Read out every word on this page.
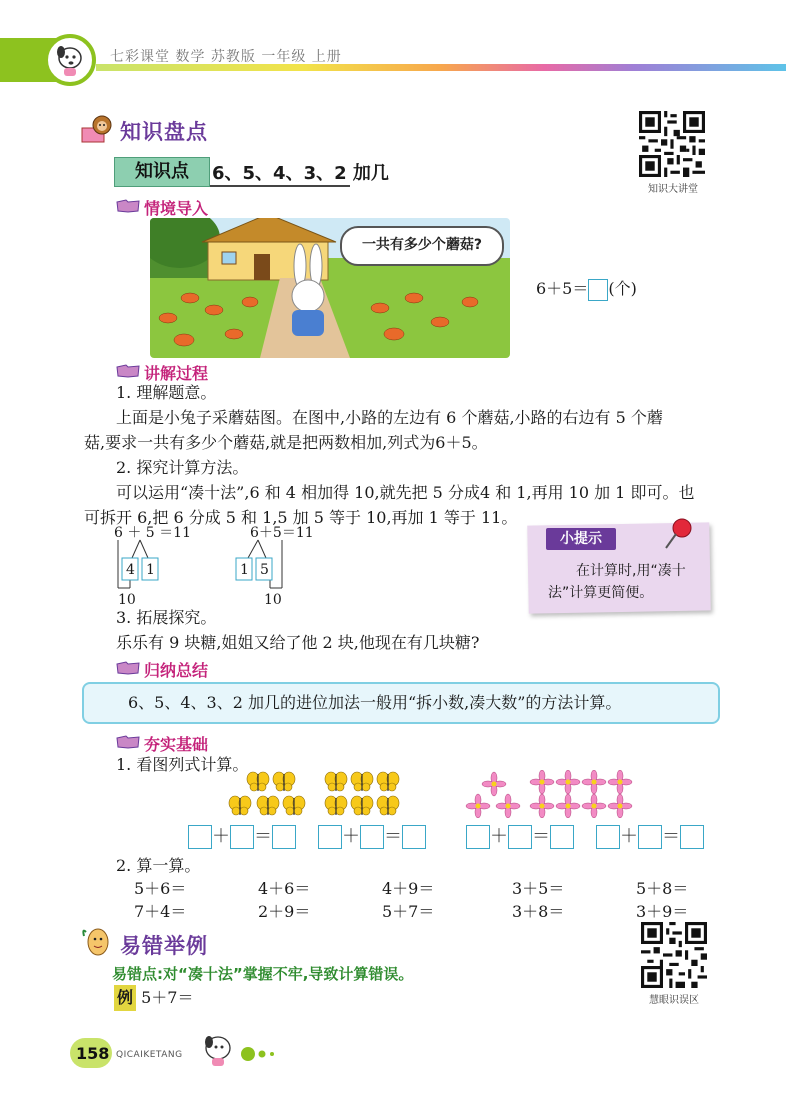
七彩课堂 数学 苏教版 一年级 上册
知识盘点
知识大讲堂
知识点	6、5、4、3、2 加几
情境导入
一共有多少个蘑菇?
6＋5＝ (个)
讲解过程
1. 理解题意。
上面是小兔子采蘑菇图。在图中,小路的左边有 6 个蘑菇,小路的右边有 5 个蘑
菇,要求一共有多少个蘑菇,就是把两数相加,列式为6＋5。
2. 探究计算方法。
可以运用“凑十法”,6 和 4 相加得 10,就先把 5 分成4 和 1,再用 10 加 1 即可。也
可拆开 6,把 6 分成 5 和 1,5 加 5 等于 10,再加 1 等于 11。
6 ＋ 5 ＝11
4 1
10
6＋5＝11
1 5
10
小提示
在计算时,用“凑十法”计算更简便。
3. 拓展探究。
乐乐有 9 块糖,姐姐又给了他 2 块,他现在有几块糖?
归纳总结
6、5、4、3、2 加几的进位加法一般用“拆小数,凑大数”的方法计算。
夯实基础
1. 看图列式计算。
＋ ＝	＋ ＝	＋ ＝	＋ ＝
2. 算一算。
5＋6＝	4＋6＝	4＋9＝	3＋5＝	5＋8＝
7＋4＝	2＋9＝	5＋7＝	3＋8＝	3＋9＝
易错举例
慧眼识误区
易错点:对“凑十法”掌握不牢,导致计算错误。
例 5＋7＝
158 QICAIKETANG
